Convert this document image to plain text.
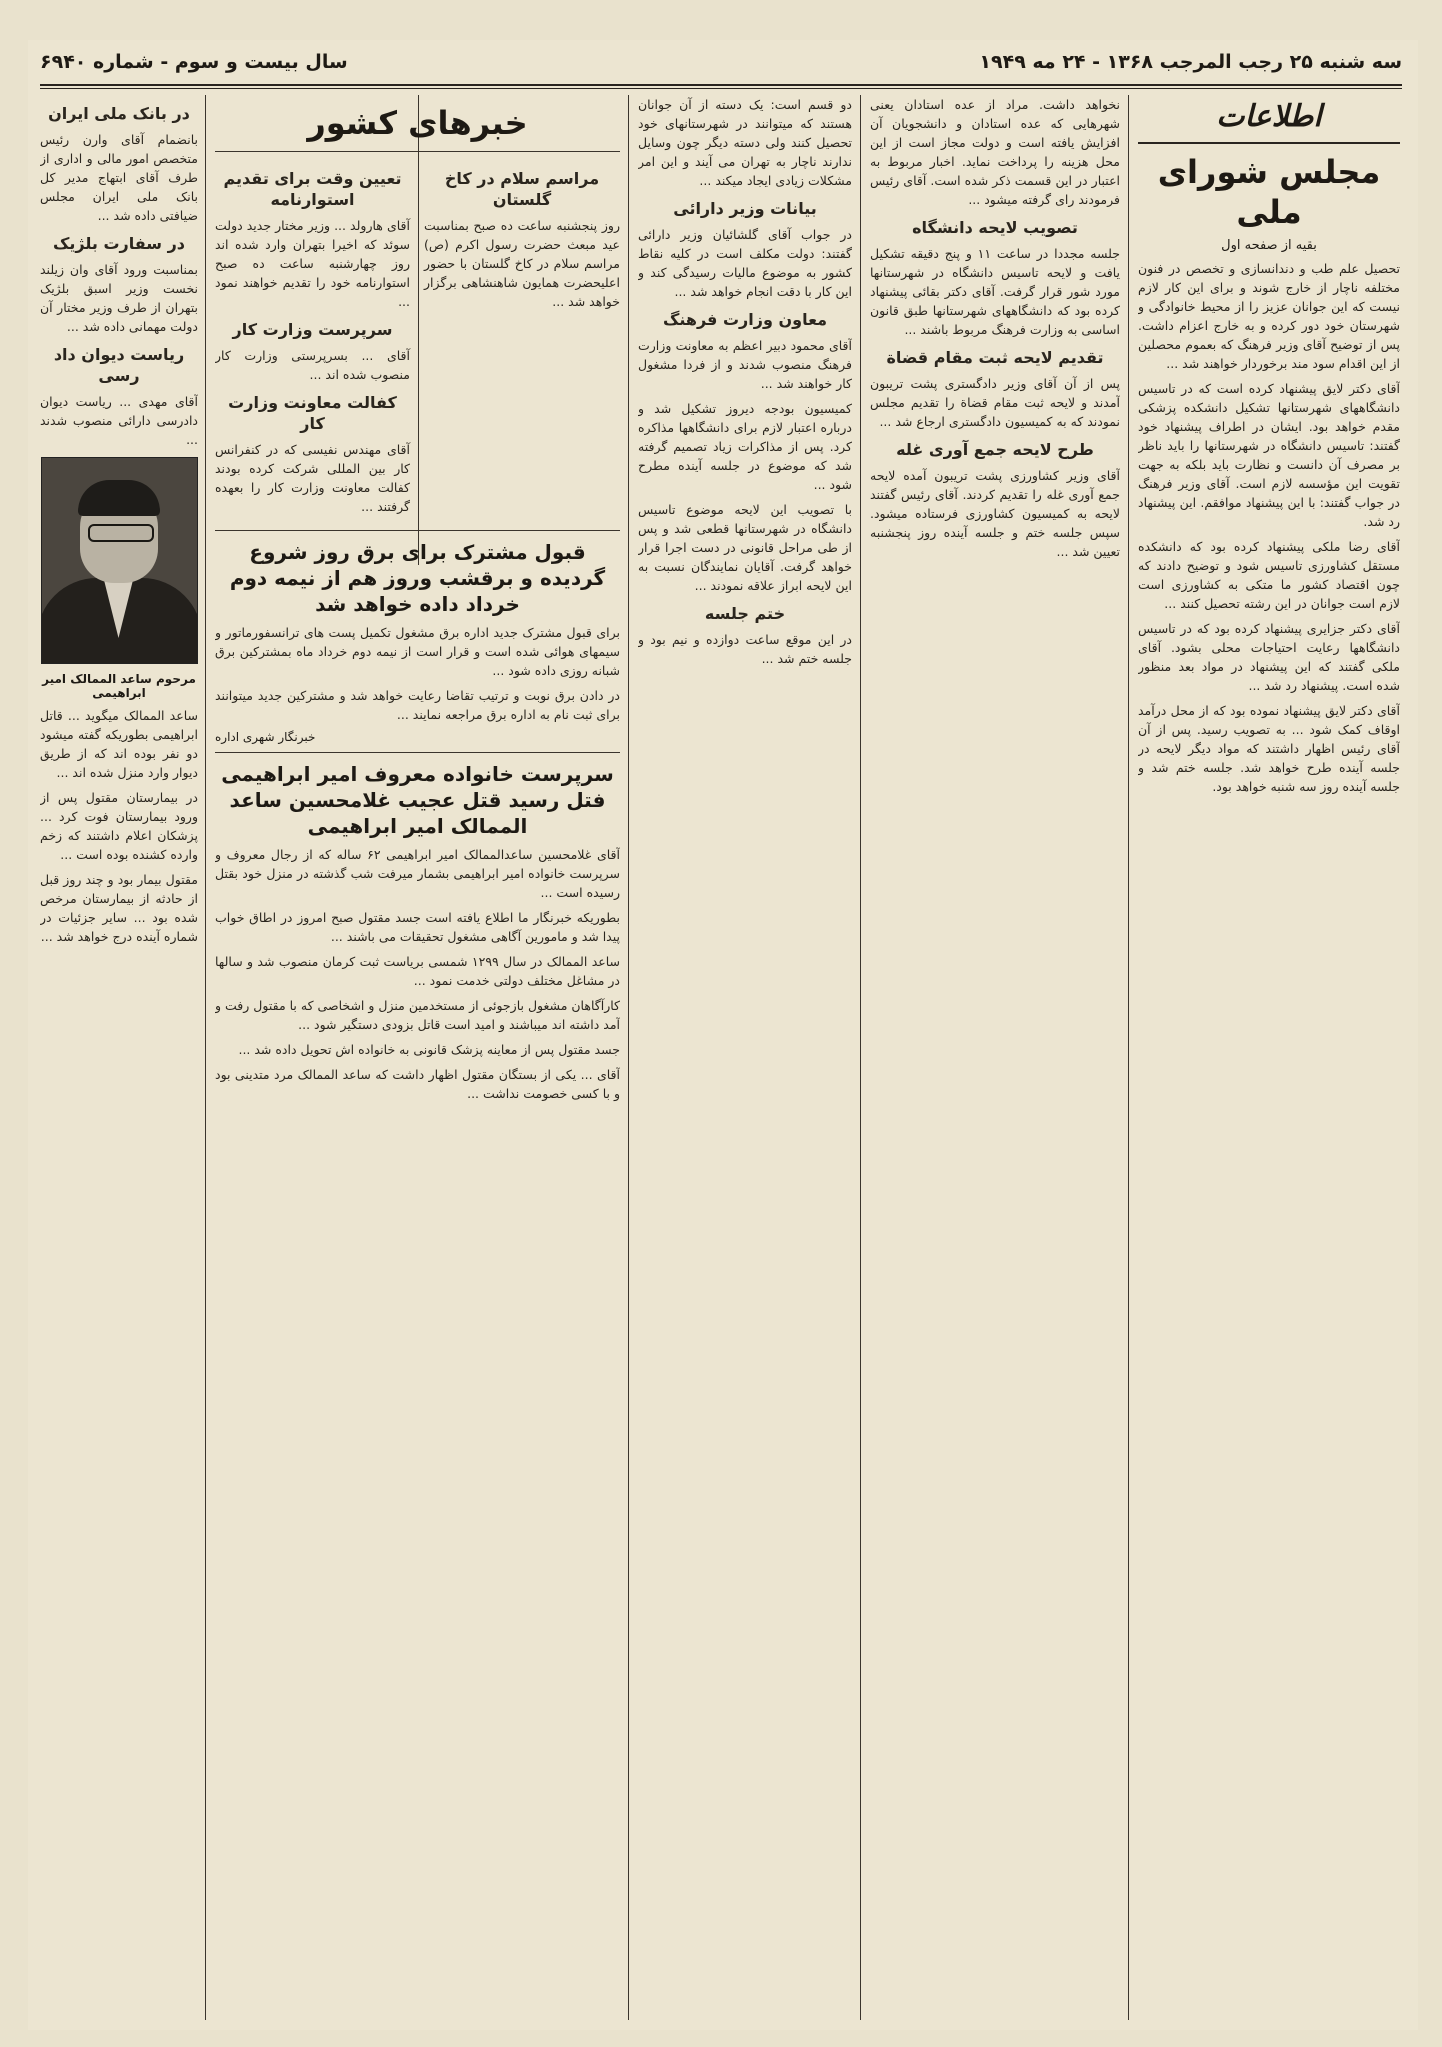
سه شنبه ۲۵ رجب المرجب ۱۳۶۸ - ۲۴ مه ۱۹۴۹
سال بیست و سوم - شماره ۶۹۴۰
اطلاعات
مجلس شورای ملی
بقیه از صفحه اول

تحصیل علم طب و دندانسازی و تخصص در فنون مختلفه ناچار از خارج شوند و برای این کار لازم نیست که این جوانان عزیز را از محیط خانوادگی و شهرستان خود دور کرده و به خارج اعزام داشت. پس از توضیح آقای وزیر فرهنگ که بعموم محصلین از این اقدام سود مند برخوردار خواهند شد ...

آقای دکتر لایق پیشنهاد کرده است که در تاسیس دانشگاههای شهرستانها تشکیل دانشکده پزشکی مقدم خواهد بود. ایشان در اطراف پیشنهاد خود گفتند: تاسیس دانشگاه در شهرستانها را باید ناظر بر مصرف آن دانست و نظارت باید بلکه به جهت تقویت این مؤسسه لازم است. آقای وزیر فرهنگ در جواب گفتند: با این پیشنهاد موافقم. این پیشنهاد رد شد.

آقای رضا ملکی پیشنهاد کرده بود که دانشکده مستقل کشاورزی تاسیس شود و توضیح دادند که چون اقتصاد کشور ما متکی به کشاورزی است لازم است جوانان در این رشته تحصیل کنند ...

آقای دکتر جزایری پیشنهاد کرده بود که در تاسیس دانشگاهها رعایت احتیاجات محلی بشود. آقای ملکی گفتند که این پیشنهاد در مواد بعد منظور شده است. پیشنهاد رد شد ...

آقای دکتر لایق پیشنهاد نموده بود که از محل درآمد اوقاف کمک شود ... به تصویب رسید. پس از آن آقای رئیس اظهار داشتند که مواد دیگر لایحه در جلسه آینده طرح خواهد شد. جلسه ختم شد و جلسه آینده روز سه شنبه خواهد بود.

نخواهد داشت. مراد از عده استادان یعنی شهرهایی که عده استادان و دانشجویان آن افزایش یافته است و دولت مجاز است از این محل هزینه را پرداخت نماید. اخبار مربوط به اعتبار در این قسمت ذکر شده است. آقای رئیس فرمودند رای گرفته میشود ...

تصویب لایحه دانشگاه

جلسه مجددا در ساعت ۱۱ و پنج دقیقه تشکیل یافت و لایحه تاسیس دانشگاه در شهرستانها مورد شور قرار گرفت. آقای دکتر بقائی پیشنهاد کرده بود که دانشگاههای شهرستانها طبق قانون اساسی به وزارت فرهنگ مربوط باشند ...

تقدیم لایحه ثبت مقام قضاة

پس از آن آقای وزیر دادگستری پشت تریبون آمدند و لایحه ثبت مقام قضاة را تقدیم مجلس نمودند که به کمیسیون دادگستری ارجاع شد ...

طرح لایحه جمع آوری غله

آقای وزیر کشاورزی پشت تریبون آمده لایحه جمع آوری غله را تقدیم کردند. آقای رئیس گفتند لایحه به کمیسیون کشاورزی فرستاده میشود. سپس جلسه ختم و جلسه آینده روز پنجشنبه تعیین شد ...

دو قسم است: یک دسته از آن جوانان هستند که میتوانند در شهرستانهای خود تحصیل کنند ولی دسته دیگر چون وسایل ندارند ناچار به تهران می آیند و این امر مشکلات زیادی ایجاد میکند ...

بیانات وزیر دارائی

در جواب آقای گلشائیان وزیر دارائی گفتند: دولت مکلف است در کلیه نقاط کشور به موضوع مالیات رسیدگی کند و این کار با دقت انجام خواهد شد ...

معاون وزارت فرهنگ

آقای محمود دبیر اعظم به معاونت وزارت فرهنگ منصوب شدند و از فردا مشغول کار خواهند شد ...

کمیسیون بودجه دیروز تشکیل شد و درباره اعتبار لازم برای دانشگاهها مذاکره کرد. پس از مذاکرات زیاد تصمیم گرفته شد که موضوع در جلسه آینده مطرح شود ...

با تصویب این لایحه موضوع تاسیس دانشگاه در شهرستانها قطعی شد و پس از طی مراحل قانونی در دست اجرا قرار خواهد گرفت. آقایان نمایندگان نسبت به این لایحه ابراز علاقه نمودند ...

ختم جلسه

در این موقع ساعت دوازده و نیم بود و جلسه ختم شد ...

خبرهای کشور
مراسم سلام در کاخ گلستان

روز پنجشنبه ساعت ده صبح بمناسبت عید مبعث حضرت رسول اکرم (ص) مراسم سلام در کاخ گلستان با حضور اعلیحضرت همایون شاهنشاهی برگزار خواهد شد ...

تعیین وقت برای تقدیم استوارنامه

آقای هارولد ... وزیر مختار جدید دولت سوئد که اخیرا بتهران وارد شده اند روز چهارشنبه ساعت ده صبح استوارنامه خود را تقدیم خواهند نمود ...

سرپرست وزارت کار

آقای ... بسرپرستی وزارت کار منصوب شده اند ...

کفالت معاونت وزارت کار

آقای مهندس نفیسی که در کنفرانس کار بین المللی شرکت کرده بودند کفالت معاونت وزارت کار را بعهده گرفتند ...

قبول مشترک برای برق روز شروع گردیده و برقشب وروز هم از نیمه دوم خرداد داده خواهد شد

برای قبول مشترک جدید اداره برق مشغول تکمیل پست های ترانسفورماتور و سیمهای هوائی شده است و قرار است از نیمه دوم خرداد ماه بمشترکین برق شبانه روزی داده شود ...

در دادن برق نوبت و ترتیب تقاضا رعایت خواهد شد و مشترکین جدید میتوانند برای ثبت نام به اداره برق مراجعه نمایند ...

خبرنگار شهری اداره
سرپرست خانواده معروف امیر ابراهیمی فتل رسید قتل عجیب غلامحسین ساعد الممالک امیر ابراهیمی

آقای غلامحسین ساعدالممالک امیر ابراهیمی ۶۲ ساله که از رجال معروف و سرپرست خانواده امیر ابراهیمی بشمار میرفت شب گذشته در منزل خود بقتل رسیده است ...

بطوریکه خبرنگار ما اطلاع یافته است جسد مقتول صبح امروز در اطاق خواب پیدا شد و مامورین آگاهی مشغول تحقیقات می باشند ...

ساعد الممالک در سال ۱۲۹۹ شمسی بریاست ثبت کرمان منصوب شد و سالها در مشاغل مختلف دولتی خدمت نمود ...

کارآگاهان مشغول بازجوئی از مستخدمین منزل و اشخاصی که با مقتول رفت و آمد داشته اند میباشند و امید است قاتل بزودی دستگیر شود ...

جسد مقتول پس از معاینه پزشک قانونی به خانواده اش تحویل داده شد ...

آقای ... یکی از بستگان مقتول اظهار داشت که ساعد الممالک مرد متدینی بود و با کسی خصومت نداشت ...

در بانک ملی ایران

بانضمام آقای وارن رئیس متخصص امور مالی و اداری از طرف آقای ابتهاج مدیر کل بانک ملی ایران مجلس ضیافتی داده شد ...

در سفارت بلژیک

بمناسبت ورود آقای وان زیلند نخست وزیر اسبق بلژیک بتهران از طرف وزیر مختار آن دولت مهمانی داده شد ...

ریاست دیوان داد رسی

آقای مهدی ... ریاست دیوان دادرسی دارائی منصوب شدند ...

مرحوم ساعد الممالک امیر ابراهیمی

ساعد الممالک میگوید ... قاتل ابراهیمی بطوریکه گفته میشود دو نفر بوده اند که از طریق دیوار وارد منزل شده اند ...

در بیمارستان مقتول پس از ورود بیمارستان فوت کرد ... پزشکان اعلام داشتند که زخم وارده کشنده بوده است ...

مقتول بیمار بود و چند روز قبل از حادثه از بیمارستان مرخص شده بود ... سایر جزئیات در شماره آینده درج خواهد شد ...
